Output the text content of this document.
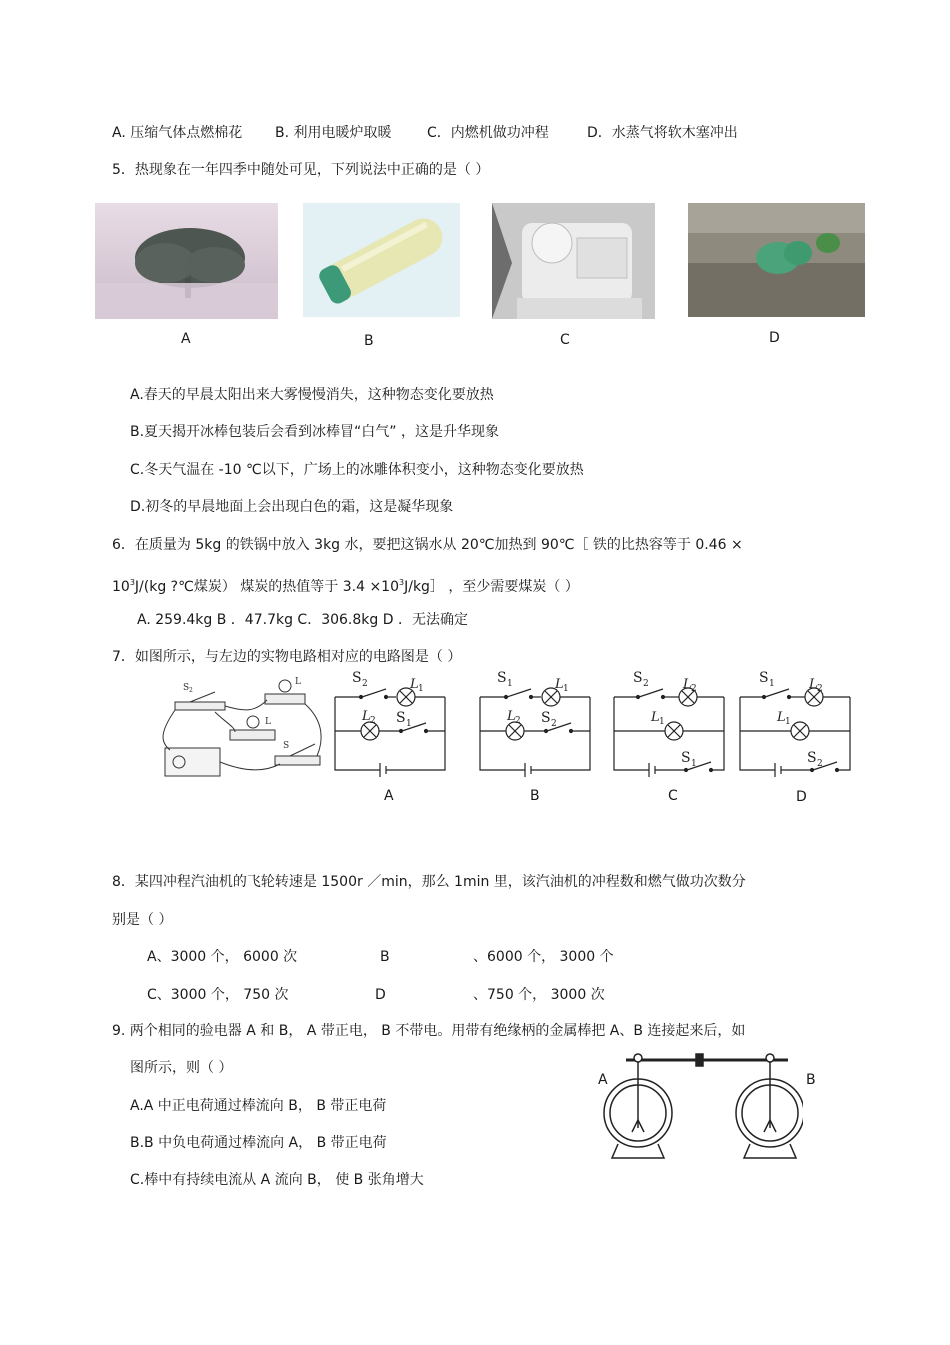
A. 压缩气体点燃棉花 B. 利用电暖炉取暖	C．内燃机做功冲程	D．水蒸气将软木塞冲出
5．热现象在一年四季中随处可见，下列说法中正确的是（ ）
A	B	C	D
A.春天的早晨太阳出来大雾慢慢消失，这种物态变化要放热
B.夏天揭开冰棒包装后会看到冰棒冒“白气” ，这是升华现象
C.冬天气温在 -10 ℃以下，广场上的冰雕体积变小，这种物态变化要放热
D.初冬的早晨地面上会出现白色的霜，这是凝华现象
6．在质量为 5kg 的铁锅中放入 3kg 水，要把这锅水从 20℃加热到 90℃［ 铁的比热容等于 0.46 ×
$10^3J/(kg$ ?℃煤炭） 煤炭的热值等于 $3.4 \times 10^3J/kg]$ ，至少需要煤炭（ ）
A. 259.4kg B ．47.7kg C．306.8kg D ．无法确定
7．如图所示，与左边的实物电路相对应的电路图是（ ）
S 2
L
L
S
S 2	L 1
L 2 S 1
S 1	L 1
L 2 S 2
S 2	L 2
L 1
S 1
S 1	L 2
L 1
S 2
A	B	C	D
8．某四冲程汽油机的飞轮转速是 1500r ／min，那么 1min 里，该汽油机的冲程数和燃气做功次数分
别是（ ）
A、3000 个， 6000 次	B	、6000 个， 3000 个
C、3000 个， 750 次	D	、750 个， 3000 次
9. 两个相同的验电器 A 和 B， A 带正电， B 不带电。用带有绝缘柄的金属棒把 A、B 连接起来后，如
图所示，则（ ）
A.A 中正电荷通过棒流向 B， B 带正电荷
B.B 中负电荷通过棒流向 A， B 带正电荷
C.棒中有持续电流从 A 流向 B， 使 B 张角增大
A	B
